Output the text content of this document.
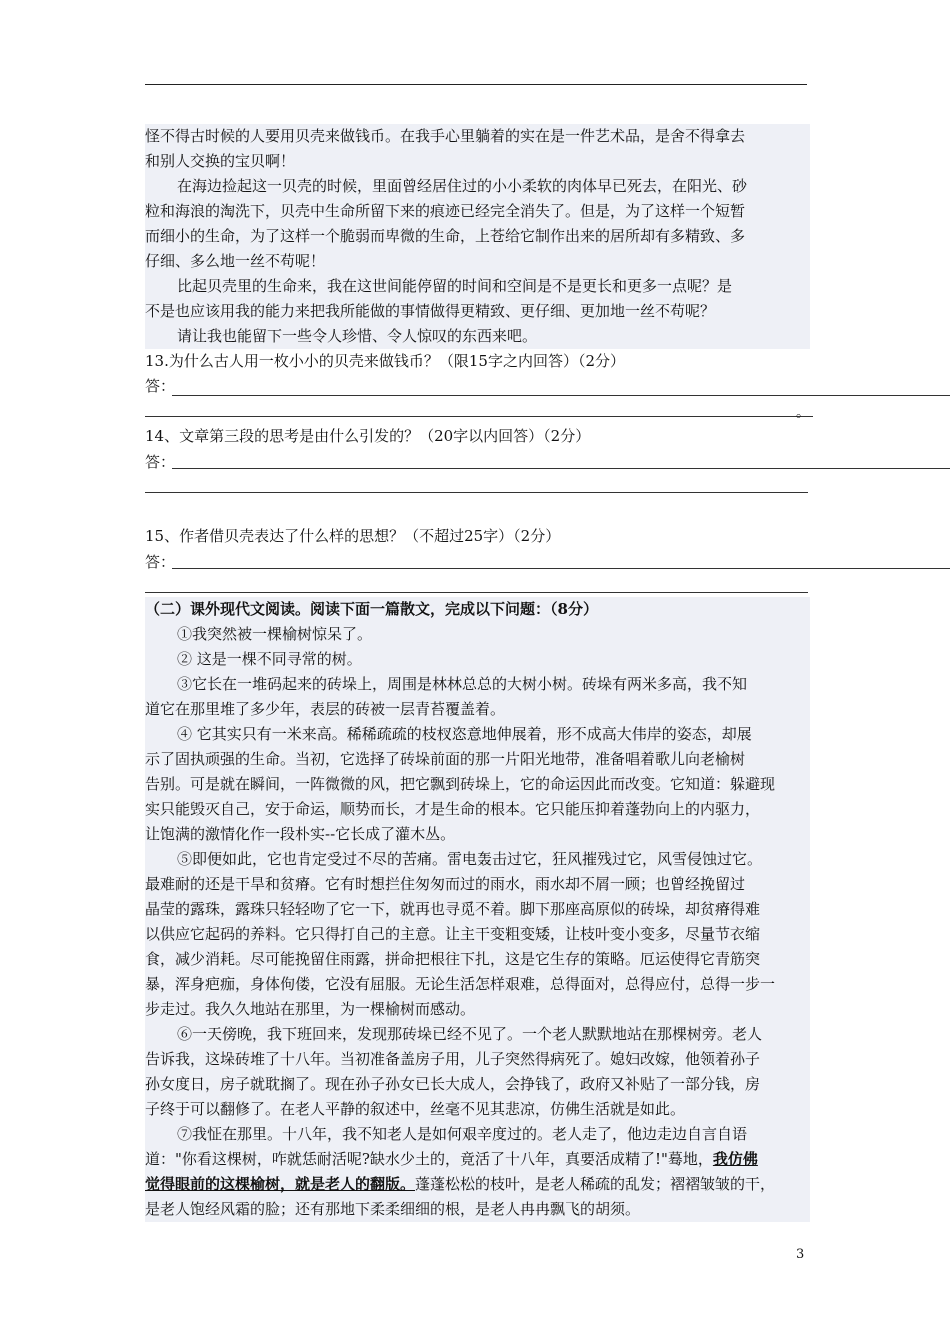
怪不得古时候的人要用贝壳来做钱币。在我手心里躺着的实在是一件艺术品，是舍不得拿去
和别人交换的宝贝啊！
在海边捡起这一贝壳的时候，里面曾经居住过的小小柔软的肉体早已死去，在阳光、砂
粒和海浪的淘洗下，贝壳中生命所留下来的痕迹已经完全消失了。但是，为了这样一个短暂
而细小的生命，为了这样一个脆弱而卑微的生命，上苍给它制作出来的居所却有多精致、多
仔细、多么地一丝不苟呢！
比起贝壳里的生命来，我在这世间能停留的时间和空间是不是更长和更多一点呢？是
不是也应该用我的能力来把我所能做的事情做得更精致、更仔细、更加地一丝不苟呢？
请让我也能留下一些令人珍惜、令人惊叹的东西来吧。
13.为什么古人用一枚小小的贝壳来做钱币？（限15字之内回答）（2分）
答：
。
14、文章第三段的思考是由什么引发的？（20字以内回答）（2分）
答：
15、作者借贝壳表达了什么样的思想？（不超过25字）（2分）
答：
（二）课外现代文阅读。阅读下面一篇散文，完成以下问题：（8分）
①我突然被一棵榆树惊呆了。
② 这是一棵不同寻常的树。
③它长在一堆码起来的砖垛上，周围是林林总总的大树小树。砖垛有两米多高，我不知
道它在那里堆了多少年，表层的砖被一层青苔覆盖着。
④ 它其实只有一米来高。稀稀疏疏的枝杈恣意地伸展着，形不成高大伟岸的姿态，却展
示了固执顽强的生命。当初，它选择了砖垛前面的那一片阳光地带，准备唱着歌儿向老榆树
告别。可是就在瞬间，一阵微微的风，把它飘到砖垛上，它的命运因此而改变。它知道：躲避现
实只能毁灭自己，安于命运，顺势而长，才是生命的根本。它只能压抑着蓬勃向上的内驱力，
让饱满的激情化作一段朴实--它长成了灌木丛。
⑤即便如此，它也肯定受过不尽的苦痛。雷电轰击过它，狂风摧残过它，风雪侵蚀过它。
最难耐的还是干旱和贫瘠。它有时想拦住匆匆而过的雨水，雨水却不屑一顾；也曾经挽留过
晶莹的露珠，露珠只轻轻吻了它一下，就再也寻觅不着。脚下那座高原似的砖垛，却贫瘠得难
以供应它起码的养料。它只得打自己的主意。让主干变粗变矮，让枝叶变小变多，尽量节衣缩
食，减少消耗。尽可能挽留住雨露，拼命把根往下扎，这是它生存的策略。厄运使得它青筋突
暴，浑身疤痂，身体佝偻，它没有屈服。无论生活怎样艰难，总得面对，总得应付，总得一步一
步走过。我久久地站在那里，为一棵榆树而感动。
⑥一天傍晚，我下班回来，发现那砖垛已经不见了。一个老人默默地站在那棵树旁。老人
告诉我，这垛砖堆了十八年。当初准备盖房子用，儿子突然得病死了。媳妇改嫁，他领着孙子
孙女度日，房子就耽搁了。现在孙子孙女已长大成人，会挣钱了，政府又补贴了一部分钱，房
子终于可以翻修了。在老人平静的叙述中，丝毫不见其悲凉，仿佛生活就是如此。
⑦我怔在那里。十八年，我不知老人是如何艰辛度过的。老人走了，他边走边自言自语
道："你看这棵树，咋就恁耐活呢?缺水少土的，竟活了十八年，真要活成精了!"蓦地，我仿佛
觉得眼前的这棵榆树，就是老人的翻版。蓬蓬松松的枝叶，是老人稀疏的乱发；褶褶皱皱的干，
是老人饱经风霜的脸；还有那地下柔柔细细的根，是老人冉冉飘飞的胡须。
3
